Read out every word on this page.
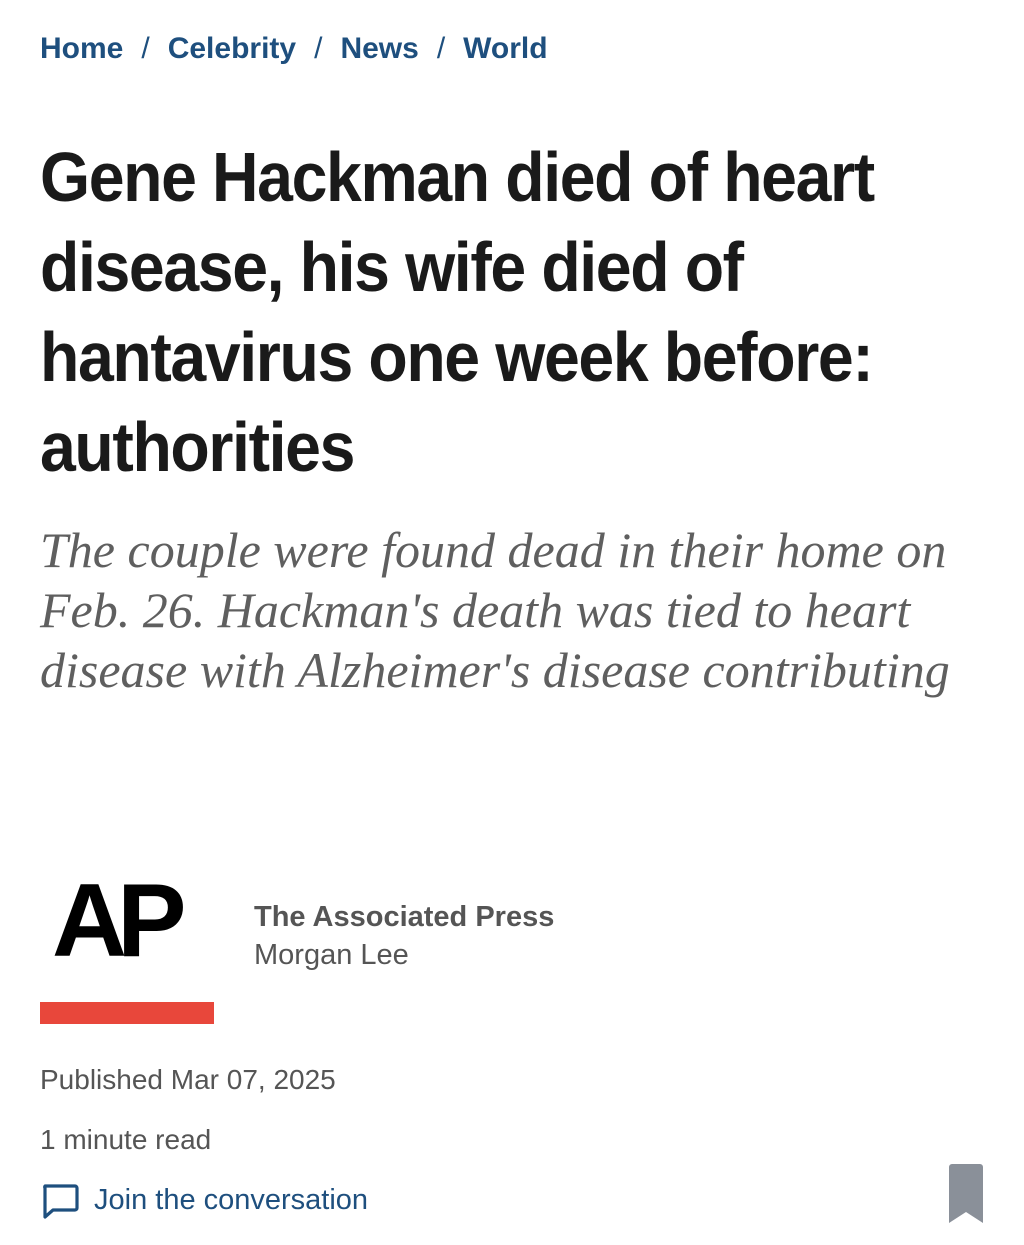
Home / Celebrity / News / World
Gene Hackman died of heart disease, his wife died of hantavirus one week before: authorities

The couple were found dead in their home on Feb. 26. Hackman's death was tied to heart disease with Alzheimer's disease contributing

AP	The Associated Press
Morgan Lee
Published Mar 07, 2025
1 minute read
Join the conversation
